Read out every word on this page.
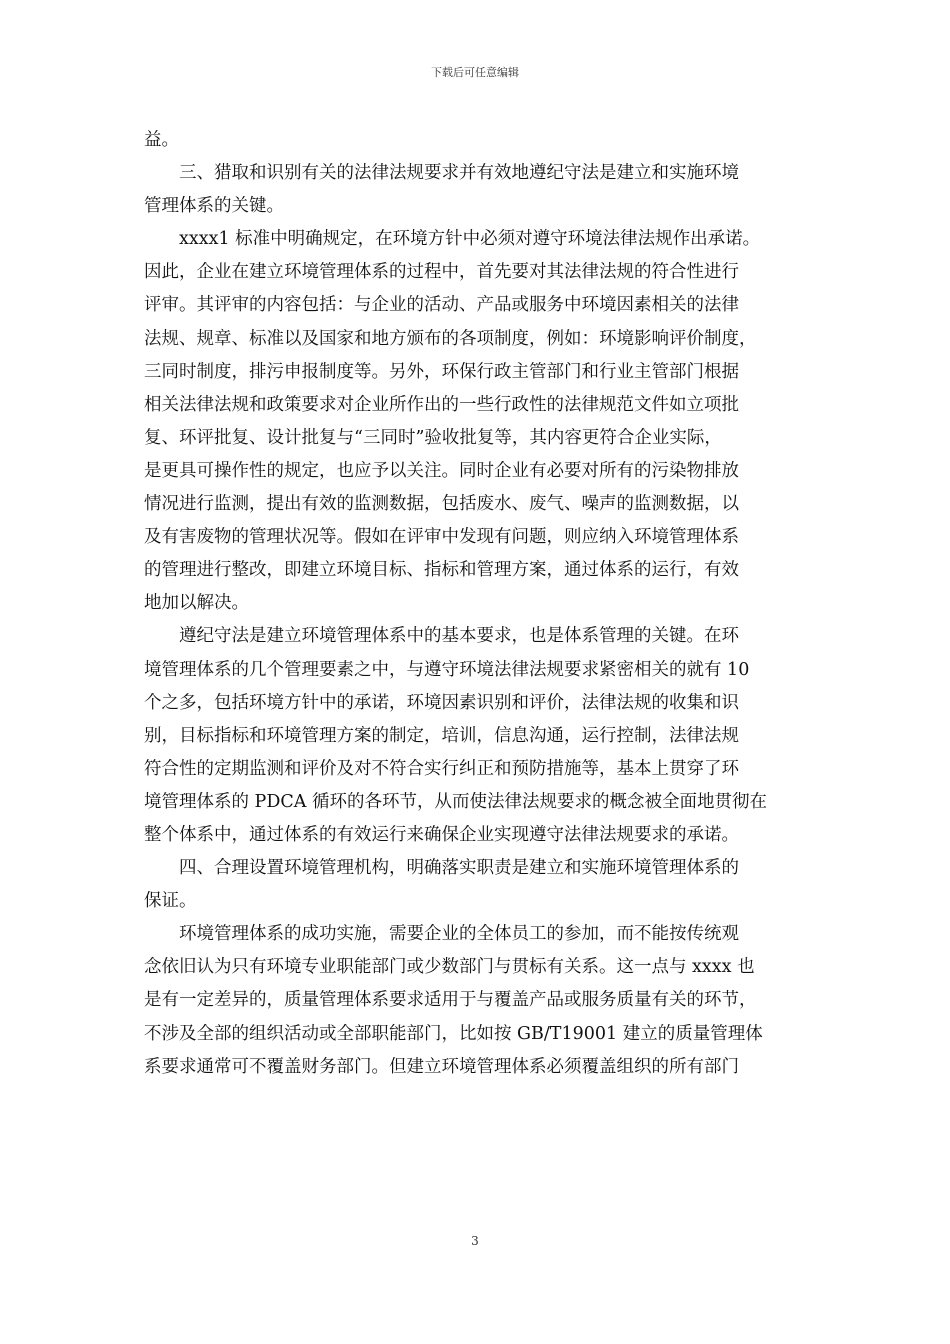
下载后可任意编辑
益。
三、猎取和识别有关的法律法规要求并有效地遵纪守法是建立和实施环境
管理体系的关键。
xxxx1 标准中明确规定，在环境方针中必须对遵守环境法律法规作出承诺。
因此，企业在建立环境管理体系的过程中，首先要对其法律法规的符合性进行
评审。其评审的内容包括：与企业的活动、产品或服务中环境因素相关的法律
法规、规章、标准以及国家和地方颁布的各项制度，例如：环境影响评价制度，
三同时制度，排污申报制度等。另外，环保行政主管部门和行业主管部门根据
相关法律法规和政策要求对企业所作出的一些行政性的法律规范文件如立项批
复、环评批复、设计批复与“三同时”验收批复等，其内容更符合企业实际，
是更具可操作性的规定，也应予以关注。同时企业有必要对所有的污染物排放
情况进行监测，提出有效的监测数据，包括废水、废气、噪声的监测数据，以
及有害废物的管理状况等。假如在评审中发现有问题，则应纳入环境管理体系
的管理进行整改，即建立环境目标、指标和管理方案，通过体系的运行，有效
地加以解决。
遵纪守法是建立环境管理体系中的基本要求，也是体系管理的关键。在环
境管理体系的几个管理要素之中，与遵守环境法律法规要求紧密相关的就有 10
个之多，包括环境方针中的承诺，环境因素识别和评价，法律法规的收集和识
别，目标指标和环境管理方案的制定，培训，信息沟通，运行控制，法律法规
符合性的定期监测和评价及对不符合实行纠正和预防措施等，基本上贯穿了环
境管理体系的 PDCA 循环的各环节，从而使法律法规要求的概念被全面地贯彻在
整个体系中，通过体系的有效运行来确保企业实现遵守法律法规要求的承诺。
四、合理设置环境管理机构，明确落实职责是建立和实施环境管理体系的
保证。
环境管理体系的成功实施，需要企业的全体员工的参加，而不能按传统观
念依旧认为只有环境专业职能部门或少数部门与贯标有关系。这一点与 xxxx 也
是有一定差异的，质量管理体系要求适用于与覆盖产品或服务质量有关的环节，
不涉及全部的组织活动或全部职能部门，比如按 GB/T19001 建立的质量管理体
系要求通常可不覆盖财务部门。但建立环境管理体系必须覆盖组织的所有部门
3
